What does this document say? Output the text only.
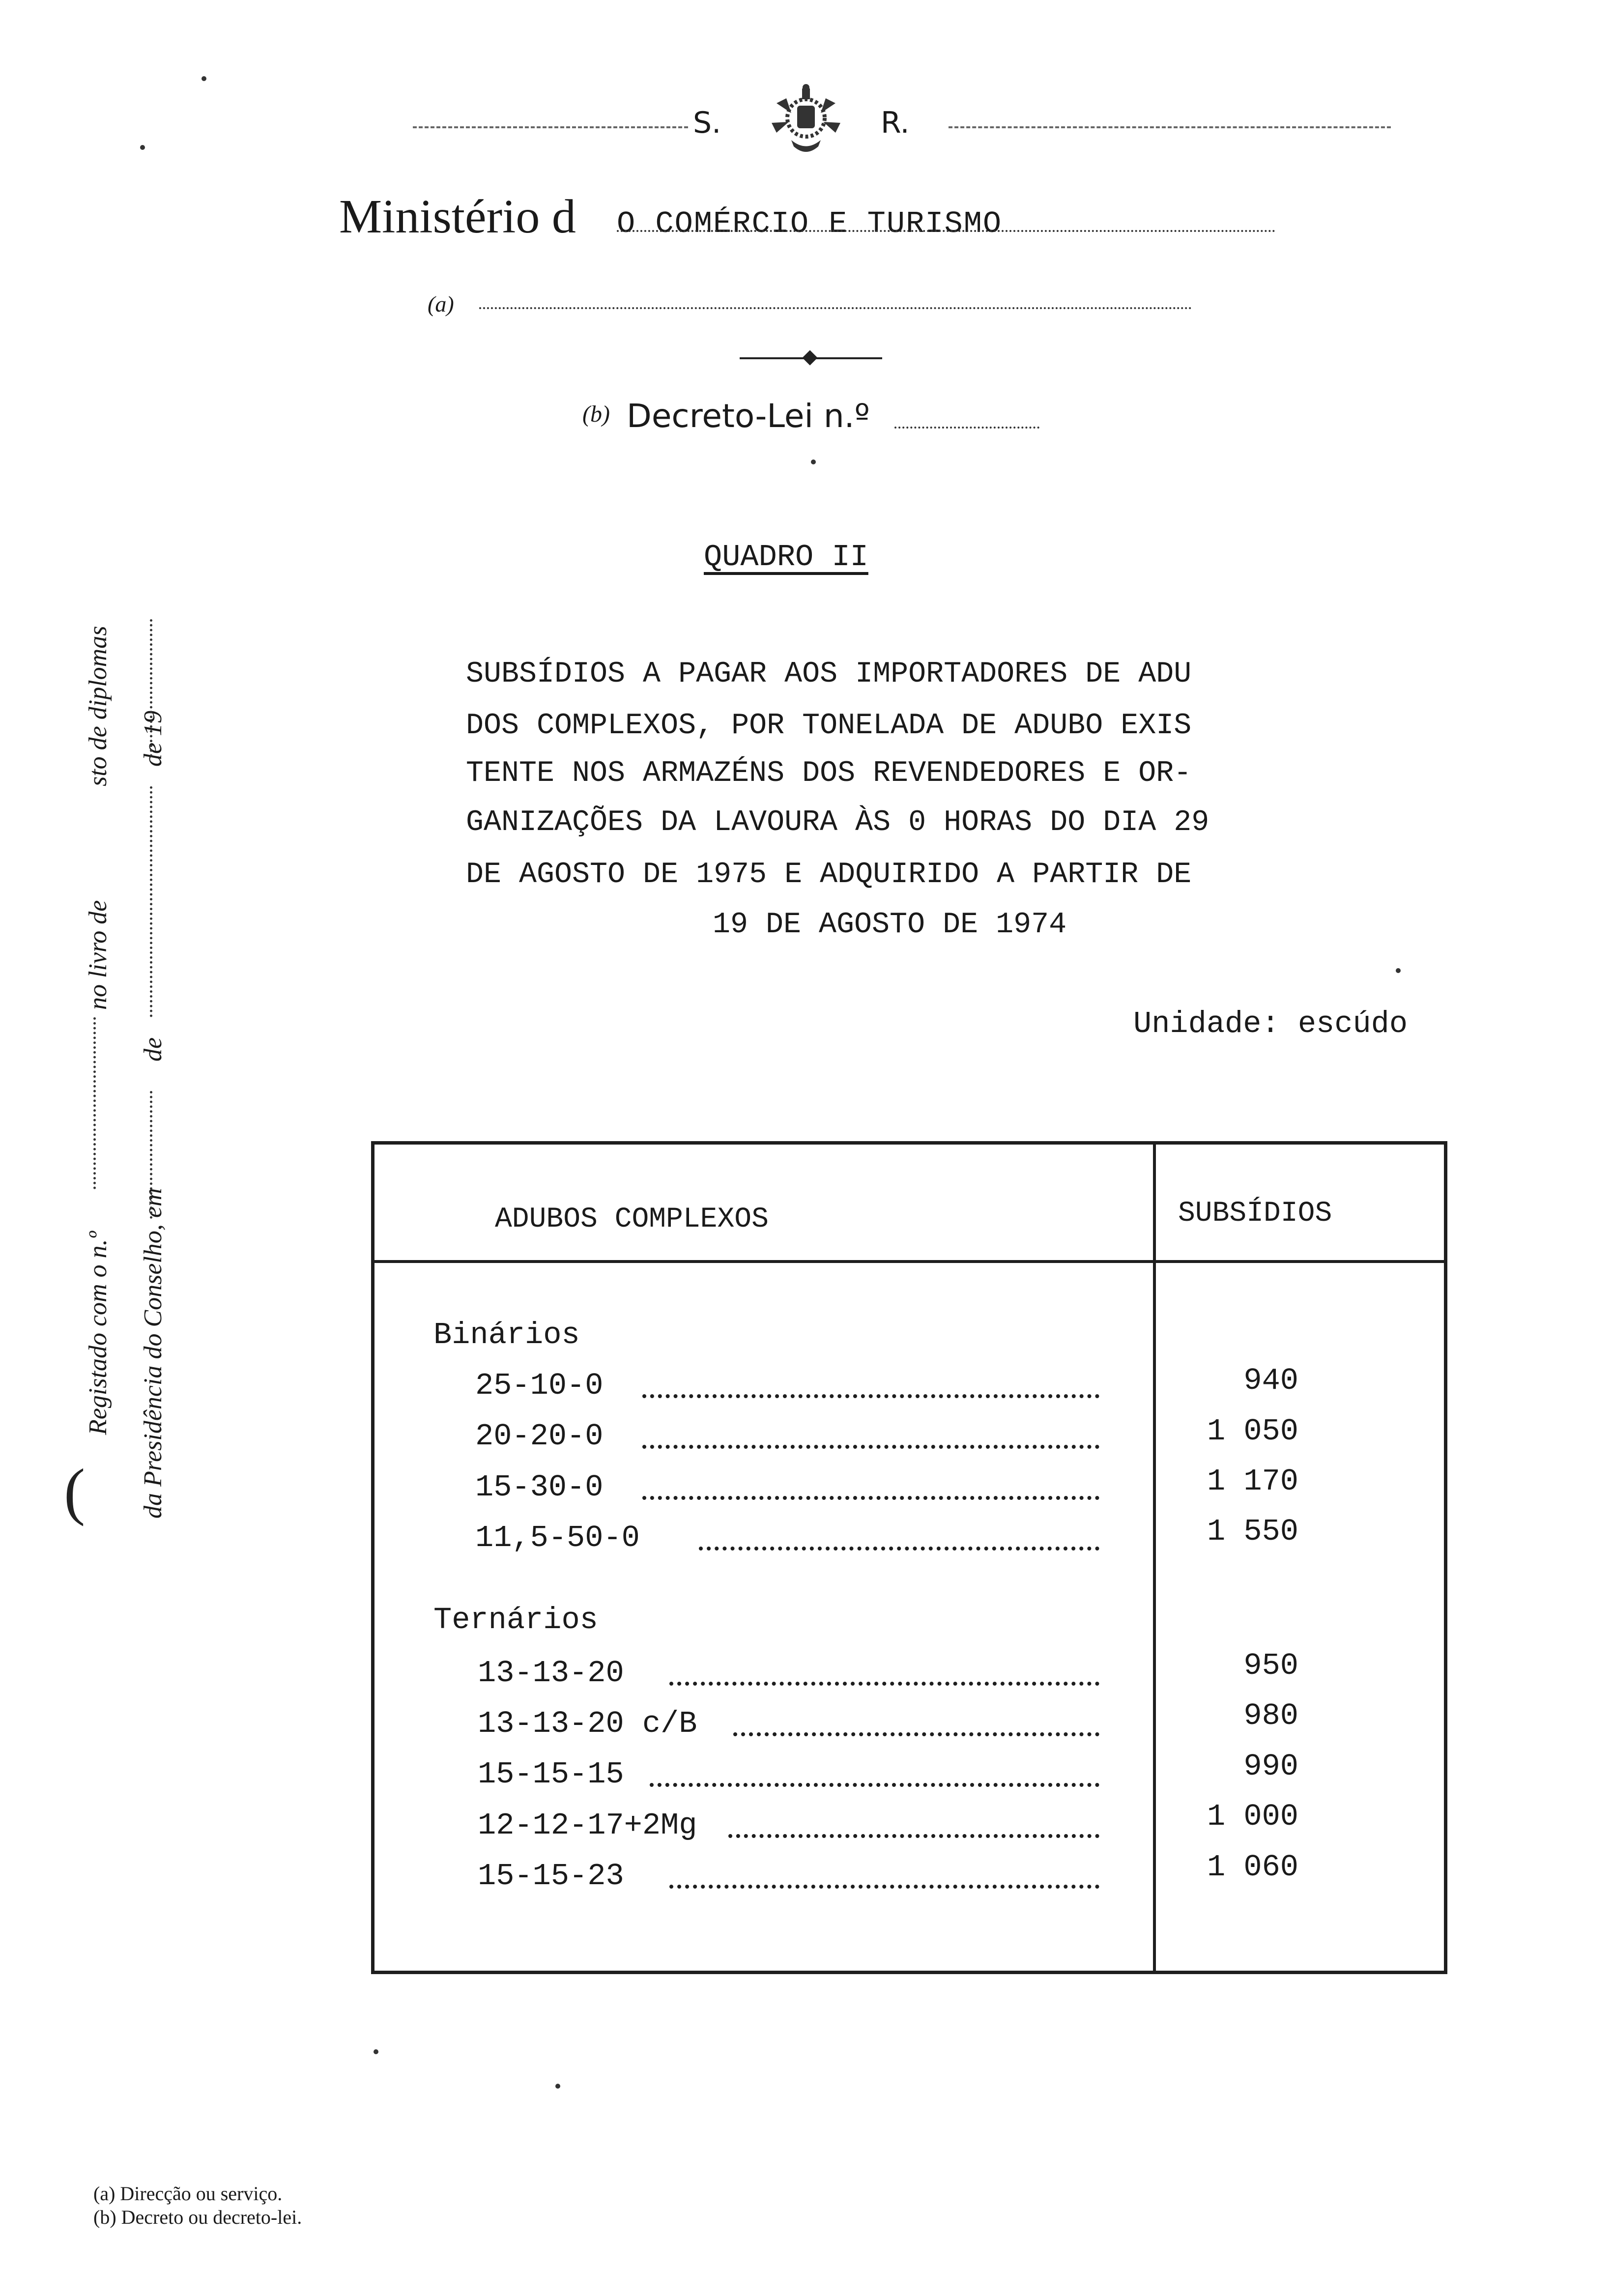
S.	R.
Ministério d O COMÉRCIO E TURISMO
(a)
(b) Decreto-Lei n.º
QUADRO II
SUBSÍDIOS A PAGAR AOS IMPORTADORES DE ADU
DOS COMPLEXOS, POR TONELADA DE ADUBO EXIS
TENTE NOS ARMAZÉNS DOS REVENDEDORES E OR-
GANIZAÇÕES DA LAVOURA ÀS 0 HORAS DO DIA 29
DE AGOSTO DE 1975 E ADQUIRIDO A PARTIR DE
19 DE AGOSTO DE 1974
Unidade: escúdo
ADUBOS COMPLEXOS	SUBSÍDIOS
Binários
25-10-0	940
20-20-0	1 050
15-30-0	1 170
11,5-50-0	1 550
Ternários
13-13-20	950
13-13-20 c/B	980
15-15-15	990
12-12-17+2Mg	1 000
15-15-23	1 060
(
Registado com o n.º
no livro de
sto de diplomas
da Presidência do Conselho, em
de
de 19
(a) Direcção ou serviço.
(b) Decreto ou decreto-lei.
